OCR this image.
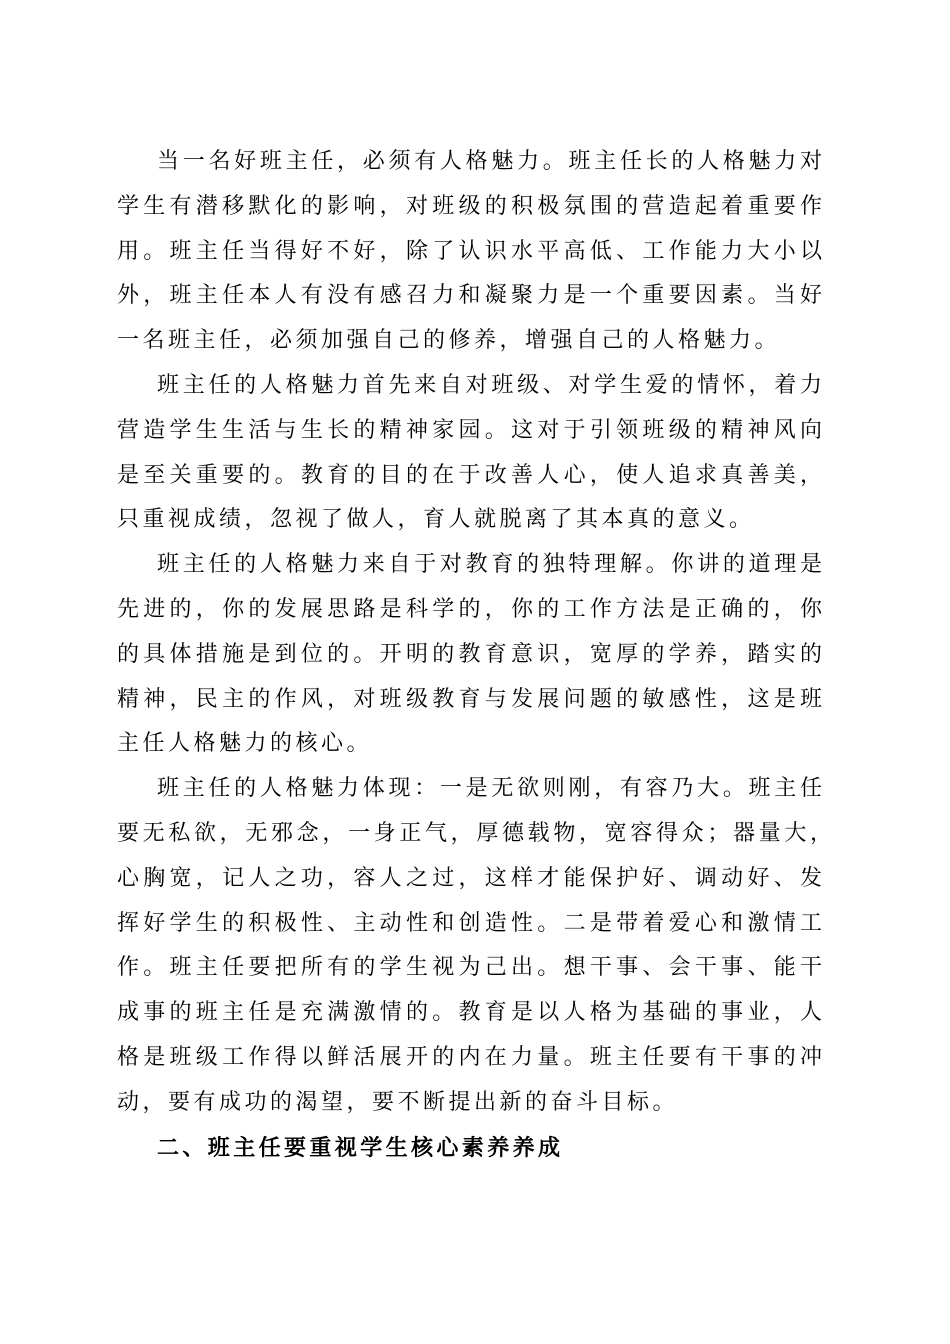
当一名好班主任，必须有人格魅力。班主任长的人格魅力对
学生有潜移默化的影响，对班级的积极氛围的营造起着重要作
用。班主任当得好不好，除了认识水平高低、工作能力大小以
外，班主任本人有没有感召力和凝聚力是一个重要因素。当好
一名班主任，必须加强自己的修养，增强自己的人格魅力。
班主任的人格魅力首先来自对班级、对学生爱的情怀，着力
营造学生生活与生长的精神家园。这对于引领班级的精神风向
是至关重要的。教育的目的在于改善人心，使人追求真善美，
只重视成绩，忽视了做人，育人就脱离了其本真的意义。
班主任的人格魅力来自于对教育的独特理解。你讲的道理是
先进的，你的发展思路是科学的，你的工作方法是正确的，你
的具体措施是到位的。开明的教育意识，宽厚的学养，踏实的
精神，民主的作风，对班级教育与发展问题的敏感性，这是班
主任人格魅力的核心。
班主任的人格魅力体现：一是无欲则刚，有容乃大。班主任
要无私欲，无邪念，一身正气，厚德载物，宽容得众；器量大，
心胸宽，记人之功，容人之过，这样才能保护好、调动好、发
挥好学生的积极性、主动性和创造性。二是带着爱心和激情工
作。班主任要把所有的学生视为己出。想干事、会干事、能干
成事的班主任是充满激情的。教育是以人格为基础的事业，人
格是班级工作得以鲜活展开的内在力量。班主任要有干事的冲
动，要有成功的渴望，要不断提出新的奋斗目标。
二、班主任要重视学生核心素养养成
